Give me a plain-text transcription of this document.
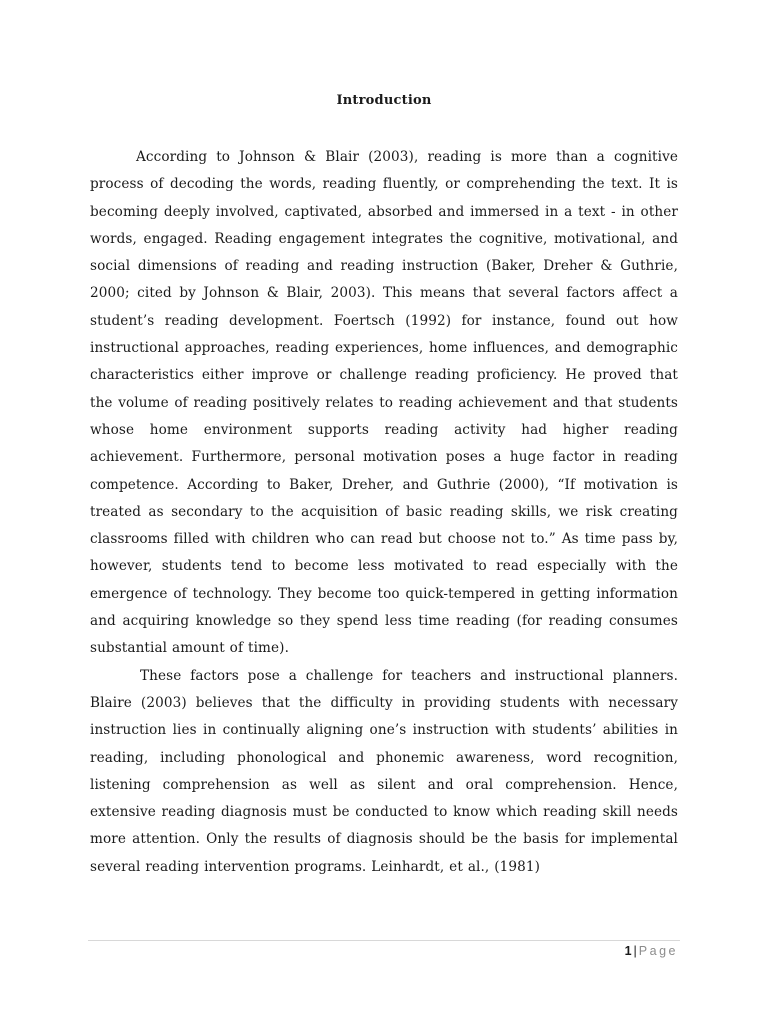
Introduction

According to Johnson & Blair (2003), reading is more than a cognitive process of decoding the words, reading fluently, or comprehending the text. It is becoming deeply involved, captivated, absorbed and immersed in a text - in other words, engaged. Reading engagement integrates the cognitive, motivational, and social dimensions of reading and reading instruction (Baker, Dreher & Guthrie, 2000; cited by Johnson & Blair, 2003). This means that several factors affect a student’s reading development. Foertsch (1992) for instance, found out how instructional approaches, reading experiences, home influences, and demographic characteristics either improve or challenge reading proficiency. He proved that the volume of reading positively relates to reading achievement and that students whose home environment supports reading activity had higher reading achievement. Furthermore, personal motivation poses a huge factor in reading competence. According to Baker, Dreher, and Guthrie (2000), “If motivation is treated as secondary to the acquisition of basic reading skills, we risk creating classrooms filled with children who can read but choose not to.” As time pass by, however, students tend to become less motivated to read especially with the emergence of technology. They become too quick-tempered in getting information and acquiring knowledge so they spend less time reading (for reading consumes substantial amount of time).

These factors pose a challenge for teachers and instructional planners. Blaire (2003) believes that the difficulty in providing students with necessary instruction lies in continually aligning one’s instruction with students’ abilities in reading, including phonological and phonemic awareness, word recognition, listening comprehension as well as silent and oral comprehension. Hence, extensive reading diagnosis must be conducted to know which reading skill needs more attention. Only the results of diagnosis should be the basis for implemental several reading intervention programs. Leinhardt, et al., (1981)

1 | Page
